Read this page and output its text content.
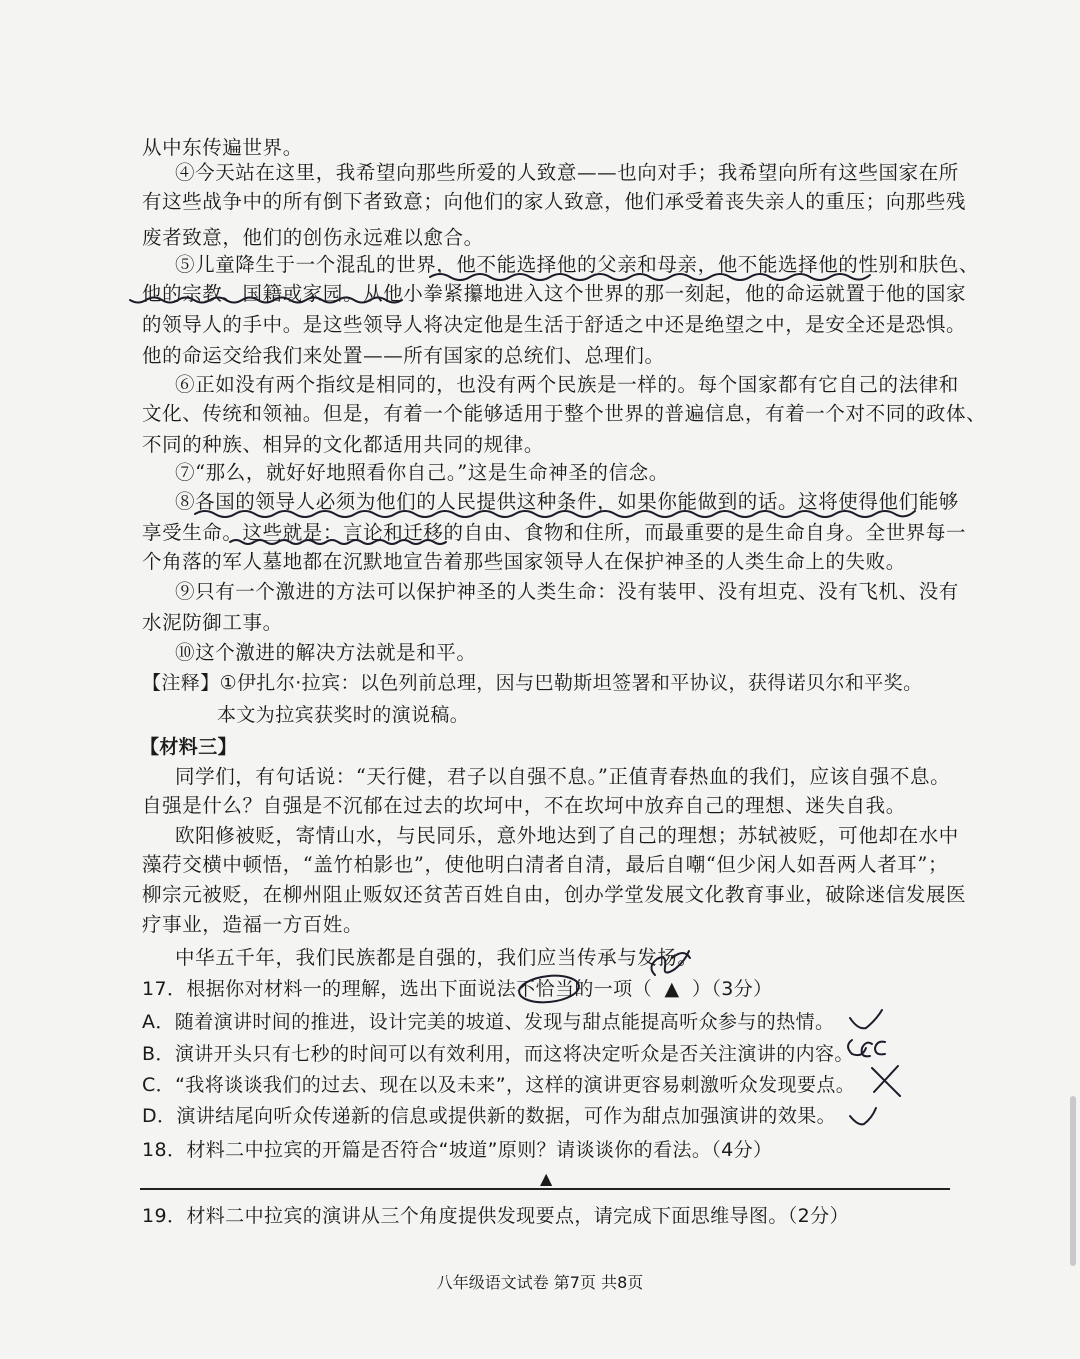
从中东传遍世界。
④今天站在这里，我希望向那些所爱的人致意——也向对手；我希望向所有这些国家在所
有这些战争中的所有倒下者致意；向他们的家人致意，他们承受着丧失亲人的重压；向那些残
废者致意，他们的创伤永远难以愈合。
⑤儿童降生于一个混乱的世界，他不能选择他的父亲和母亲，他不能选择他的性别和肤色、
他的宗教、国籍或家园。从他小拳紧攥地进入这个世界的那一刻起，他的命运就置于他的国家
的领导人的手中。是这些领导人将决定他是生活于舒适之中还是绝望之中，是安全还是恐惧。
他的命运交给我们来处置——所有国家的总统们、总理们。
⑥正如没有两个指纹是相同的，也没有两个民族是一样的。每个国家都有它自己的法律和
文化、传统和领袖。但是，有着一个能够适用于整个世界的普遍信息，有着一个对不同的政体、
不同的种族、相异的文化都适用共同的规律。
⑦“那么，就好好地照看你自己。”这是生命神圣的信念。
⑧各国的领导人必须为他们的人民提供这种条件，如果你能做到的话。这将使得他们能够
享受生命。这些就是：言论和迁移的自由、食物和住所，而最重要的是生命自身。全世界每一
个角落的军人墓地都在沉默地宣告着那些国家领导人在保护神圣的人类生命上的失败。
⑨只有一个激进的方法可以保护神圣的人类生命：没有装甲、没有坦克、没有飞机、没有
水泥防御工事。
⑩这个激进的解决方法就是和平。
【注释】①伊扎尔·拉宾：以色列前总理，因与巴勒斯坦签署和平协议，获得诺贝尔和平奖。
本文为拉宾获奖时的演说稿。
【材料三】
同学们，有句话说：“天行健，君子以自强不息。”正值青春热血的我们，应该自强不息。
自强是什么？自强是不沉郁在过去的坎坷中，不在坎坷中放弃自己的理想、迷失自我。
欧阳修被贬，寄情山水，与民同乐，意外地达到了自己的理想；苏轼被贬，可他却在水中
藻荇交横中顿悟，“盖竹柏影也”，使他明白清者自清，最后自嘲“但少闲人如吾两人者耳”；
柳宗元被贬，在柳州阻止贩奴还贫苦百姓自由，创办学堂发展文化教育事业，破除迷信发展医
疗事业，造福一方百姓。
中华五千年，我们民族都是自强的，我们应当传承与发扬。
17．根据你对材料一的理解，选出下面说法不恰当的一项（ ▲ ）（3分）
A．随着演讲时间的推进，设计完美的坡道、发现与甜点能提高听众参与的热情。
B．演讲开头只有七秒的时间可以有效利用，而这将决定听众是否关注演讲的内容。
C．“我将谈谈我们的过去、现在以及未来”，这样的演讲更容易刺激听众发现要点。
D．演讲结尾向听众传递新的信息或提供新的数据，可作为甜点加强演讲的效果。
18．材料二中拉宾的开篇是否符合“坡道”原则？请谈谈你的看法。（4分）
▲
19．材料二中拉宾的演讲从三个角度提供发现要点，请完成下面思维导图。（2分）
八年级语文试卷 第7页 共8页
